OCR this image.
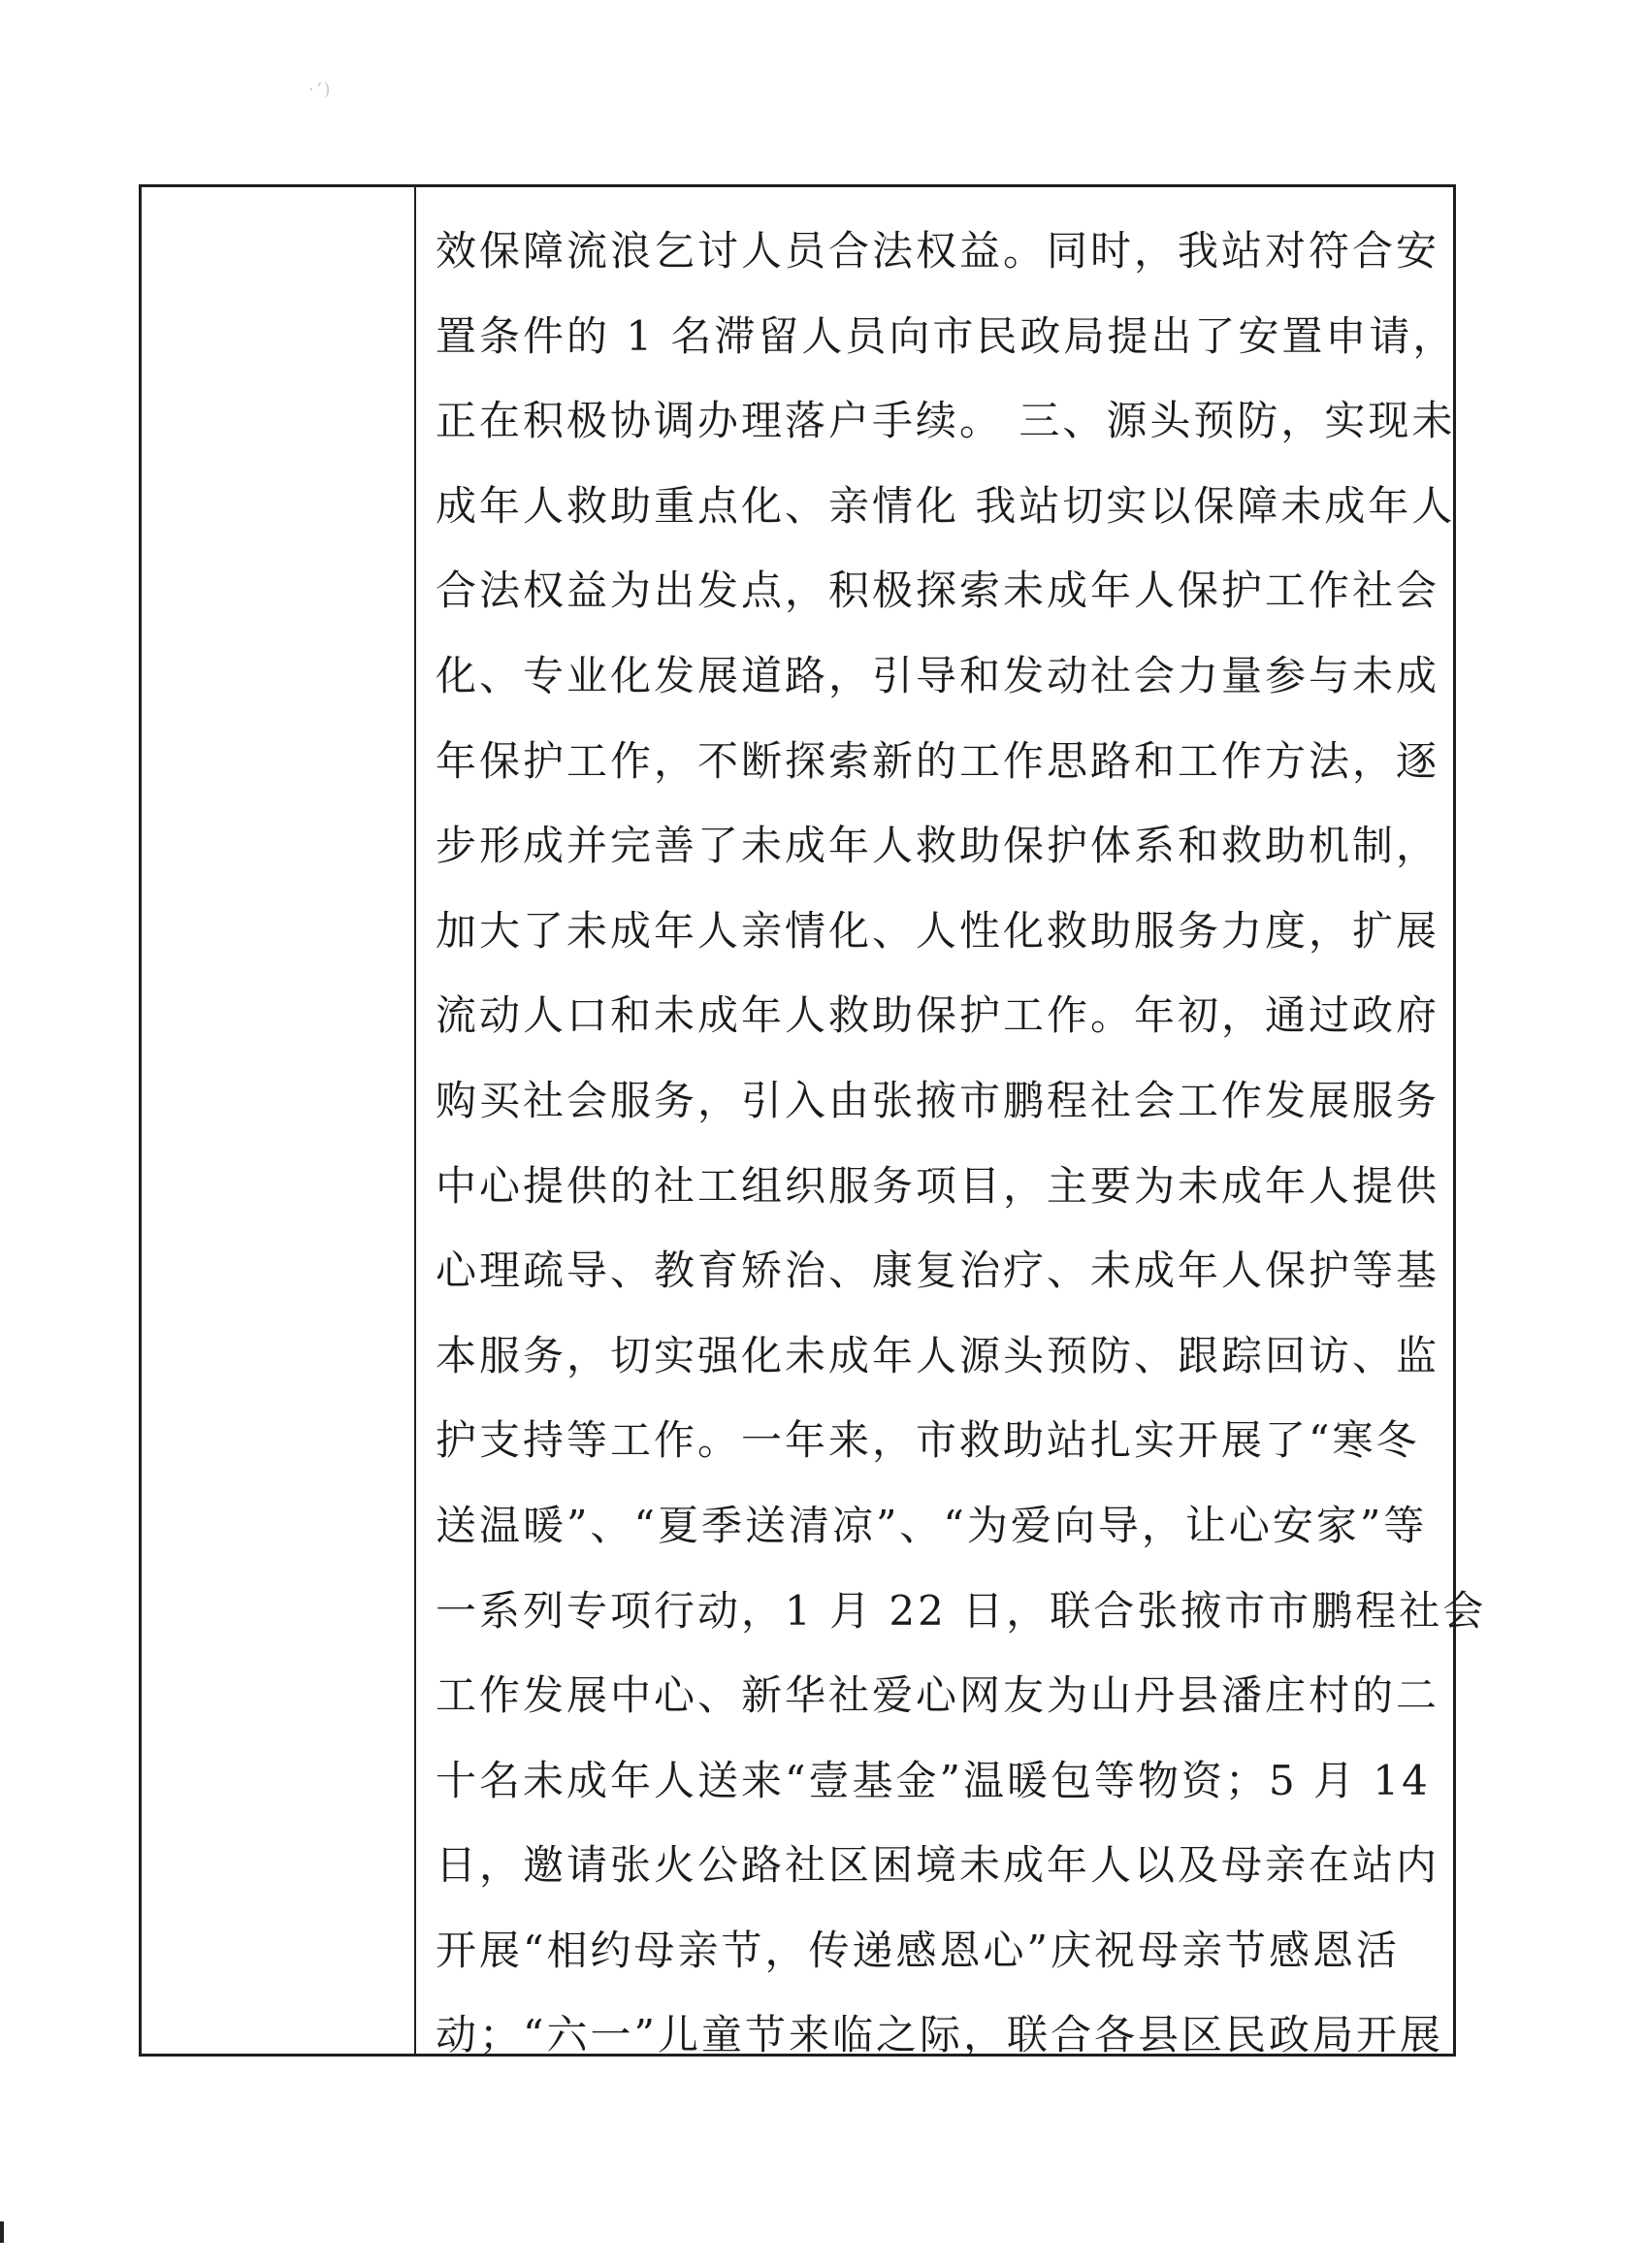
·ʼ)
效保障流浪乞讨人员合法权益。同时，我站对符合安
置条件的 1 名滞留人员向市民政局提出了安置申请，
正在积极协调办理落户手续。 三、源头预防，实现未
成年人救助重点化、亲情化 我站切实以保障未成年人
合法权益为出发点，积极探索未成年人保护工作社会
化、专业化发展道路，引导和发动社会力量参与未成
年保护工作，不断探索新的工作思路和工作方法，逐
步形成并完善了未成年人救助保护体系和救助机制，
加大了未成年人亲情化、人性化救助服务力度，扩展
流动人口和未成年人救助保护工作。年初，通过政府
购买社会服务，引入由张掖市鹏程社会工作发展服务
中心提供的社工组织服务项目，主要为未成年人提供
心理疏导、教育矫治、康复治疗、未成年人保护等基
本服务，切实强化未成年人源头预防、跟踪回访、监
护支持等工作。一年来，市救助站扎实开展了“寒冬
送温暖”、“夏季送清凉”、“为爱向导，让心安家”等
一系列专项行动，1 月 22 日，联合张掖市市鹏程社会
工作发展中心、新华社爱心网友为山丹县潘庄村的二
十名未成年人送来“壹基金”温暖包等物资；5 月 14
日，邀请张火公路社区困境未成年人以及母亲在站内
开展“相约母亲节，传递感恩心”庆祝母亲节感恩活
动；“六一”儿童节来临之际，联合各县区民政局开展
